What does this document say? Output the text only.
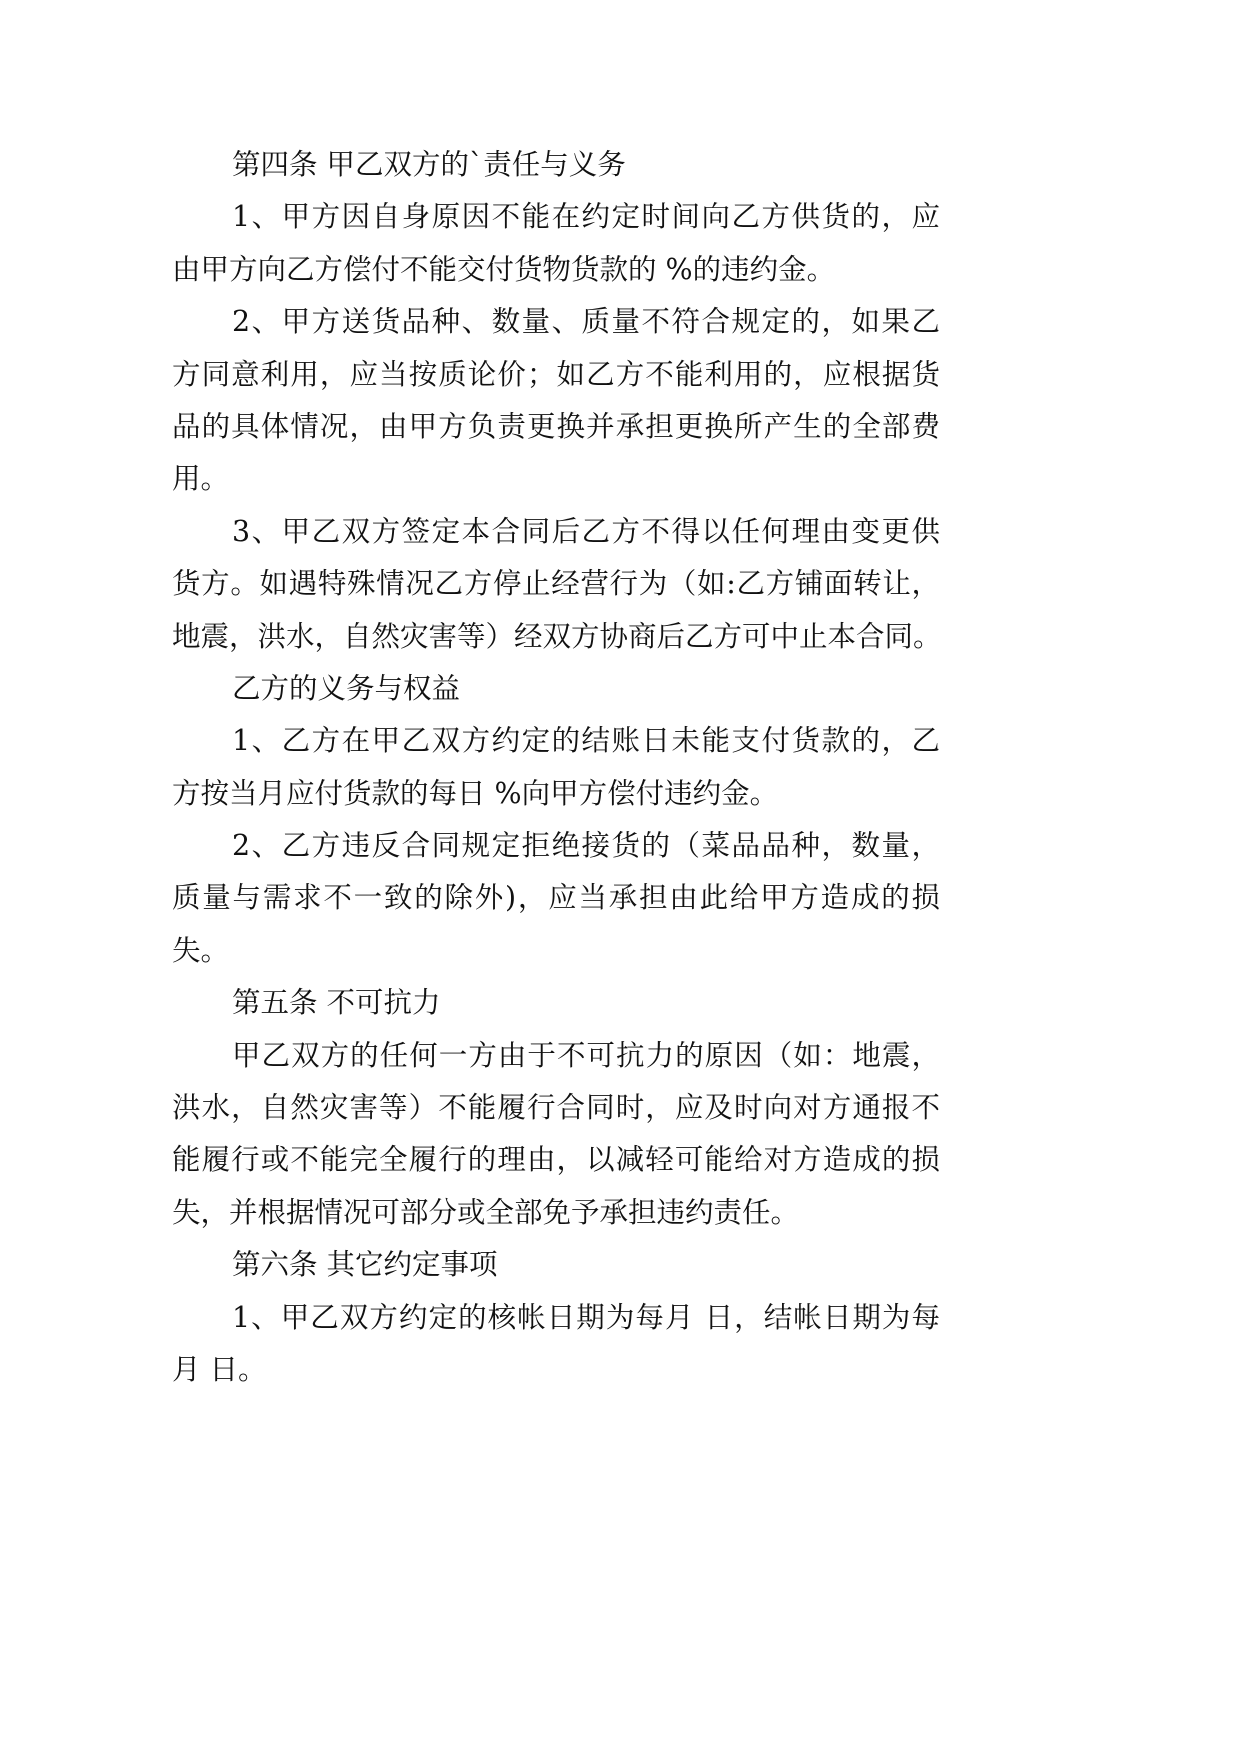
第四条 甲乙双方的`责任与义务
1、甲方因自身原因不能在约定时间向乙方供货的，应
由甲方向乙方偿付不能交付货物货款的 %的违约金。
2、甲方送货品种、数量、质量不符合规定的，如果乙
方同意利用，应当按质论价；如乙方不能利用的，应根据货
品的具体情况，由甲方负责更换并承担更换所产生的全部费
用。
3、甲乙双方签定本合同后乙方不得以任何理由变更供
货方。如遇特殊情况乙方停止经营行为（如:乙方铺面转让，
地震，洪水，自然灾害等）经双方协商后乙方可中止本合同。
乙方的义务与权益
1、乙方在甲乙双方约定的结账日未能支付货款的，乙
方按当月应付货款的每日 %向甲方偿付违约金。
2、乙方违反合同规定拒绝接货的（菜品品种，数量，
质量与需求不一致的除外)，应当承担由此给甲方造成的损
失。
第五条 不可抗力
甲乙双方的任何一方由于不可抗力的原因（如：地震，
洪水，自然灾害等）不能履行合同时，应及时向对方通报不
能履行或不能完全履行的理由，以减轻可能给对方造成的损
失，并根据情况可部分或全部免予承担违约责任。
第六条 其它约定事项
1、甲乙双方约定的核帐日期为每月 日，结帐日期为每
月 日。
